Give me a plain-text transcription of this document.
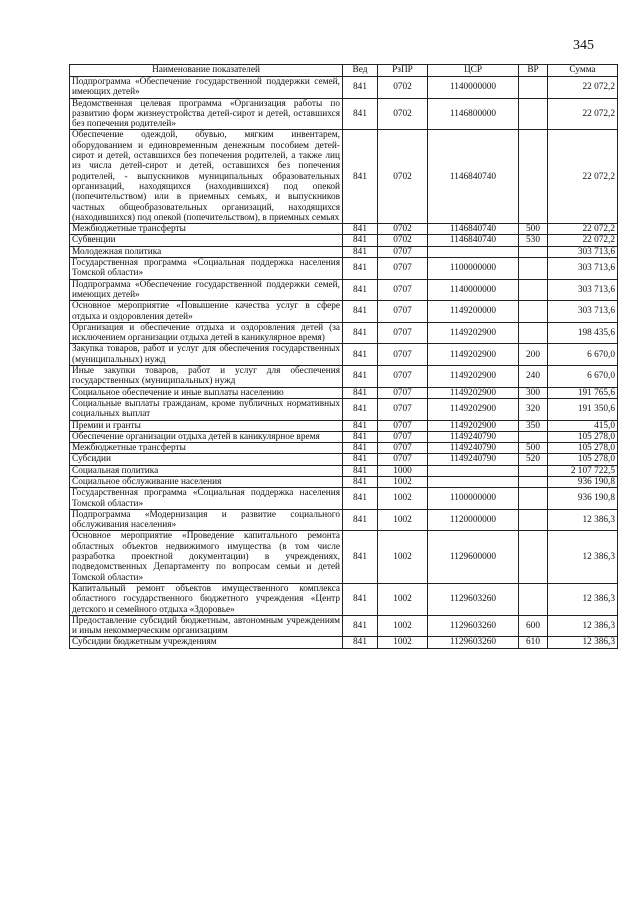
345
Наименование показателей	Вед	РзПР	ЦСР	ВР	Сумма
Подпрограмма «Обеспечение государственной поддержки семей, имеющих детей»	841	0702	1140000000		22 072,2
Ведомственная целевая программа «Организация работы по развитию форм жизнеустройства детей-сирот и детей, оставшихся без попечения родителей»	841	0702	1146800000		22 072,2
Обеспечение одеждой, обувью, мягким инвентарем, оборудованием и единовременным денежным пособием детей-сирот и детей, оставшихся без попечения родителей, а также лиц из числа детей-сирот и детей, оставшихся без попечения родителей, - выпускников муниципальных образовательных организаций, находящихся (находившихся) под опекой (попечительством) или в приемных семьях, и выпускников частных общеобразовательных организаций, находящихся (находившихся) под опекой (попечительством), в приемных семьях	841	0702	1146840740		22 072,2
Межбюджетные трансферты	841	0702	1146840740	500	22 072,2
Субвенции	841	0702	1146840740	530	22 072,2
Молодежная политика	841	0707			303 713,6
Государственная программа «Социальная поддержка населения Томской области»	841	0707	1100000000		303 713,6
Подпрограмма «Обеспечение государственной поддержки семей, имеющих детей»	841	0707	1140000000		303 713,6
Основное мероприятие «Повышение качества услуг в сфере отдыха и оздоровления детей»	841	0707	1149200000		303 713,6
Организация и обеспечение отдыха и оздоровления детей (за исключением организации отдыха детей в каникулярное время)	841	0707	1149202900		198 435,6
Закупка товаров, работ и услуг для обеспечения государственных (муниципальных) нужд	841	0707	1149202900	200	6 670,0
Иные закупки товаров, работ и услуг для обеспечения государственных (муниципальных) нужд	841	0707	1149202900	240	6 670,0
Социальное обеспечение и иные выплаты населению	841	0707	1149202900	300	191 765,6
Социальные выплаты гражданам, кроме публичных нормативных социальных выплат	841	0707	1149202900	320	191 350,6
Премии и гранты	841	0707	1149202900	350	415,0
Обеспечение организации отдыха детей в каникулярное время	841	0707	1149240790		105 278,0
Межбюджетные трансферты	841	0707	1149240790	500	105 278,0
Субсидии	841	0707	1149240790	520	105 278,0
Социальная политика	841	1000			2 107 722,5
Социальное обслуживание населения	841	1002			936 190,8
Государственная программа «Социальная поддержка населения Томской области»	841	1002	1100000000		936 190,8
Подпрограмма «Модернизация и развитие социального обслуживания населения»	841	1002	1120000000		12 386,3
Основное мероприятие «Проведение капитального ремонта областных объектов недвижимого имущества (в том числе разработка проектной документации) в учреждениях, подведомственных Департаменту по вопросам семьи и детей Томской области»	841	1002	1129600000		12 386,3
Капитальный ремонт объектов имущественного комплекса областного государственного бюджетного учреждения «Центр детского и семейного отдыха «Здоровье»	841	1002	1129603260		12 386,3
Предоставление субсидий бюджетным, автономным учреждениям и иным некоммерческим организациям	841	1002	1129603260	600	12 386,3
Субсидии бюджетным учреждениям	841	1002	1129603260	610	12 386,3
